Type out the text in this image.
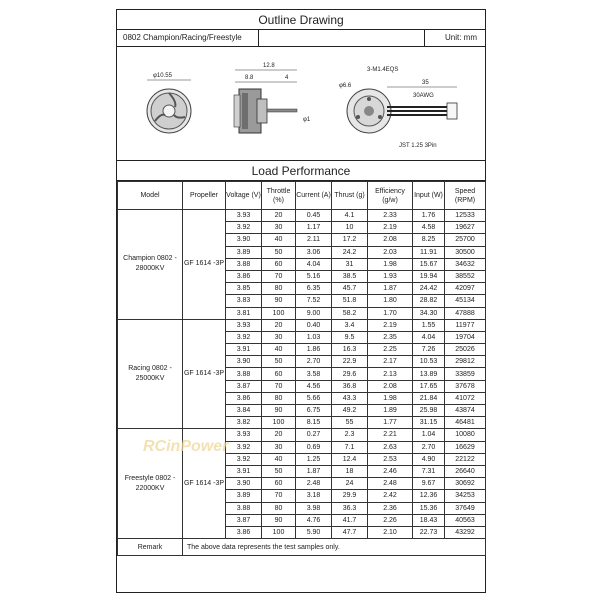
Outline Drawing
0802 Champion/Racing/Freestyle	Unit: mm
φ10.55
12.8
8.8	4
φ1
3-M1.4EQS
φ6.6	35
30AWG
JST 1.25 3Pin
Load Performance
Model	Propeller	Voltage (V)	Throttle (%)	Current (A)	Thrust (g)	Efficiency (g/w)	Input (W)	Speed (RPM)
Champion 0802 - 28000KV	GF 1614 -3P	3.93	20	0.45	4.1	2.33	1.76	12533
		3.92	30	1.17	10	2.19	4.58	19627
		3.90	40	2.11	17.2	2.08	8.25	25700
		3.89	50	3.06	24.2	2.03	11.91	30500
		3.88	60	4.04	31	1.98	15.67	34632
		3.86	70	5.16	38.5	1.93	19.94	38552
		3.85	80	6.35	45.7	1.87	24.42	42097
		3.83	90	7.52	51.8	1.80	28.82	45134
		3.81	100	9.00	58.2	1.70	34.30	47888
Racing 0802 - 25000KV	GF 1614 -3P	3.93	20	0.40	3.4	2.19	1.55	11977
		3.92	30	1.03	9.5	2.35	4.04	19704
		3.91	40	1.86	16.3	2.25	7.26	25026
		3.90	50	2.70	22.9	2.17	10.53	29812
		3.88	60	3.58	29.6	2.13	13.89	33859
		3.87	70	4.56	36.8	2.08	17.65	37678
		3.86	80	5.66	43.3	1.98	21.84	41072
		3.84	90	6.75	49.2	1.89	25.98	43874
		3.82	100	8.15	55	1.77	31.15	46481
Freestyle 0802 - 22000KV	GF 1614 -3P	3.93	20	0.27	2.3	2.21	1.04	10080
		3.92	30	0.69	7.1	2.63	2.70	16629
		3.92	40	1.25	12.4	2.53	4.90	22122
		3.91	50	1.87	18	2.46	7.31	26640
		3.90	60	2.48	24	2.48	9.67	30692
		3.89	70	3.18	29.9	2.42	12.36	34253
		3.88	80	3.98	36.3	2.36	15.36	37649
		3.87	90	4.76	41.7	2.26	18.43	40563
		3.86	100	5.90	47.7	2.10	22.73	43292
Remark	The above data represents the test samples only.							
RCinPower
